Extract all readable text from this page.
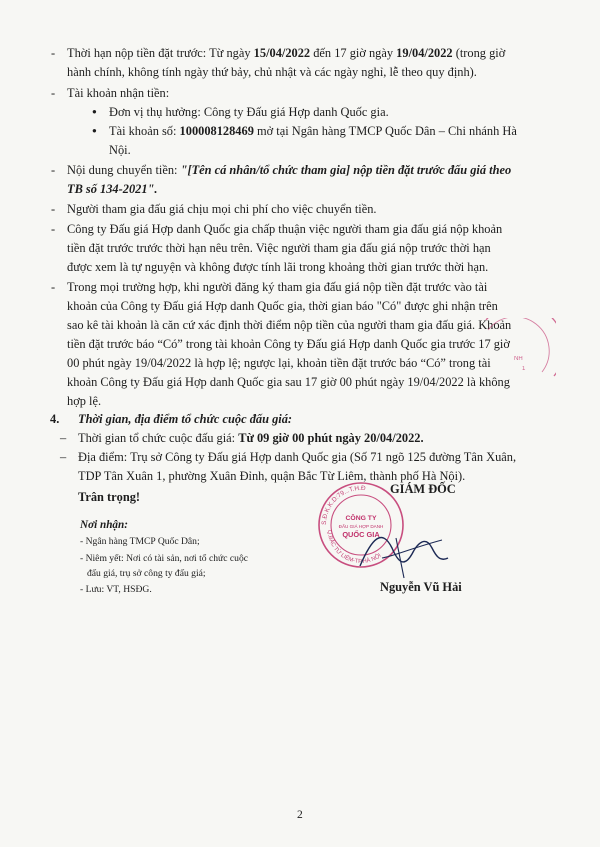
- Thời hạn nộp tiền đặt trước: Từ ngày 15/04/2022 đến 17 giờ ngày 19/04/2022 (trong giờ

hành chính, không tính ngày thứ bảy, chủ nhật và các ngày nghỉ, lễ theo quy định).

- Tài khoản nhận tiền:

● Đơn vị thụ hưởng: Công ty Đấu giá Hợp danh Quốc gia.

● Tài khoản số: 100008128469 mở tại Ngân hàng TMCP Quốc Dân – Chi nhánh Hà

Nội.

- Nội dung chuyển tiền: "[Tên cá nhân/tổ chức tham gia] nộp tiền đặt trước đấu giá theo

TB số 134-2021".

- Người tham gia đấu giá chịu mọi chi phí cho việc chuyển tiền.

- Công ty Đấu giá Hợp danh Quốc gia chấp thuận việc người tham gia đấu giá nộp khoản

tiền đặt trước trước thời hạn nêu trên. Việc người tham gia đấu giá nộp trước thời hạn

được xem là tự nguyện và không được tính lãi trong khoảng thời gian trước thời hạn.

- Trong mọi trường hợp, khi người đăng ký tham gia đấu giá nộp tiền đặt trước vào tài

khoản của Công ty Đấu giá Hợp danh Quốc gia, thời gian báo "Có" được ghi nhận trên

sao kê tài khoản là căn cứ xác định thời điểm nộp tiền của người tham gia đấu giá. Khoản

tiền đặt trước báo “Có” trong tài khoản Công ty Đấu giá Hợp danh Quốc gia trước 17 giờ

00 phút ngày 19/04/2022 là hợp lệ; ngược lại, khoản tiền đặt trước báo “Có” trong tài

khoản Công ty Đấu giá Hợp danh Quốc gia sau 17 giờ 00 phút ngày 19/04/2022 là không

hợp lệ.

4. Thời gian, địa điểm tổ chức cuộc đấu giá:

– Thời gian tổ chức cuộc đấu giá: Từ 09 giờ 00 phút ngày 20/04/2022.

– Địa điểm: Trụ sở Công ty Đấu giá Hợp danh Quốc gia (Số 71 ngõ 125 đường Tân Xuân,

TDP Tân Xuân 1, phường Xuân Đỉnh, quận Bắc Từ Liêm, thành phố Hà Nội).

Trân trọng!

Nơi nhận:

- Ngân hàng TMCP Quốc Dân;

- Niêm yết: Nơi có tài sản, nơi tổ chức cuộc

đấu giá, trụ sở công ty đấu giá;

- Lưu: VT, HSĐG.

GIÁM ĐỐC

S.Đ.K.K.D:79...T.H.Đ
Q.BẮC TỪ LIÊM-TP.HÀ NỘI
CÔNG TY
ĐẤU GIÁ HỢP DANH
QUỐC GIA
NH
1

Nguyễn Vũ Hải

2
